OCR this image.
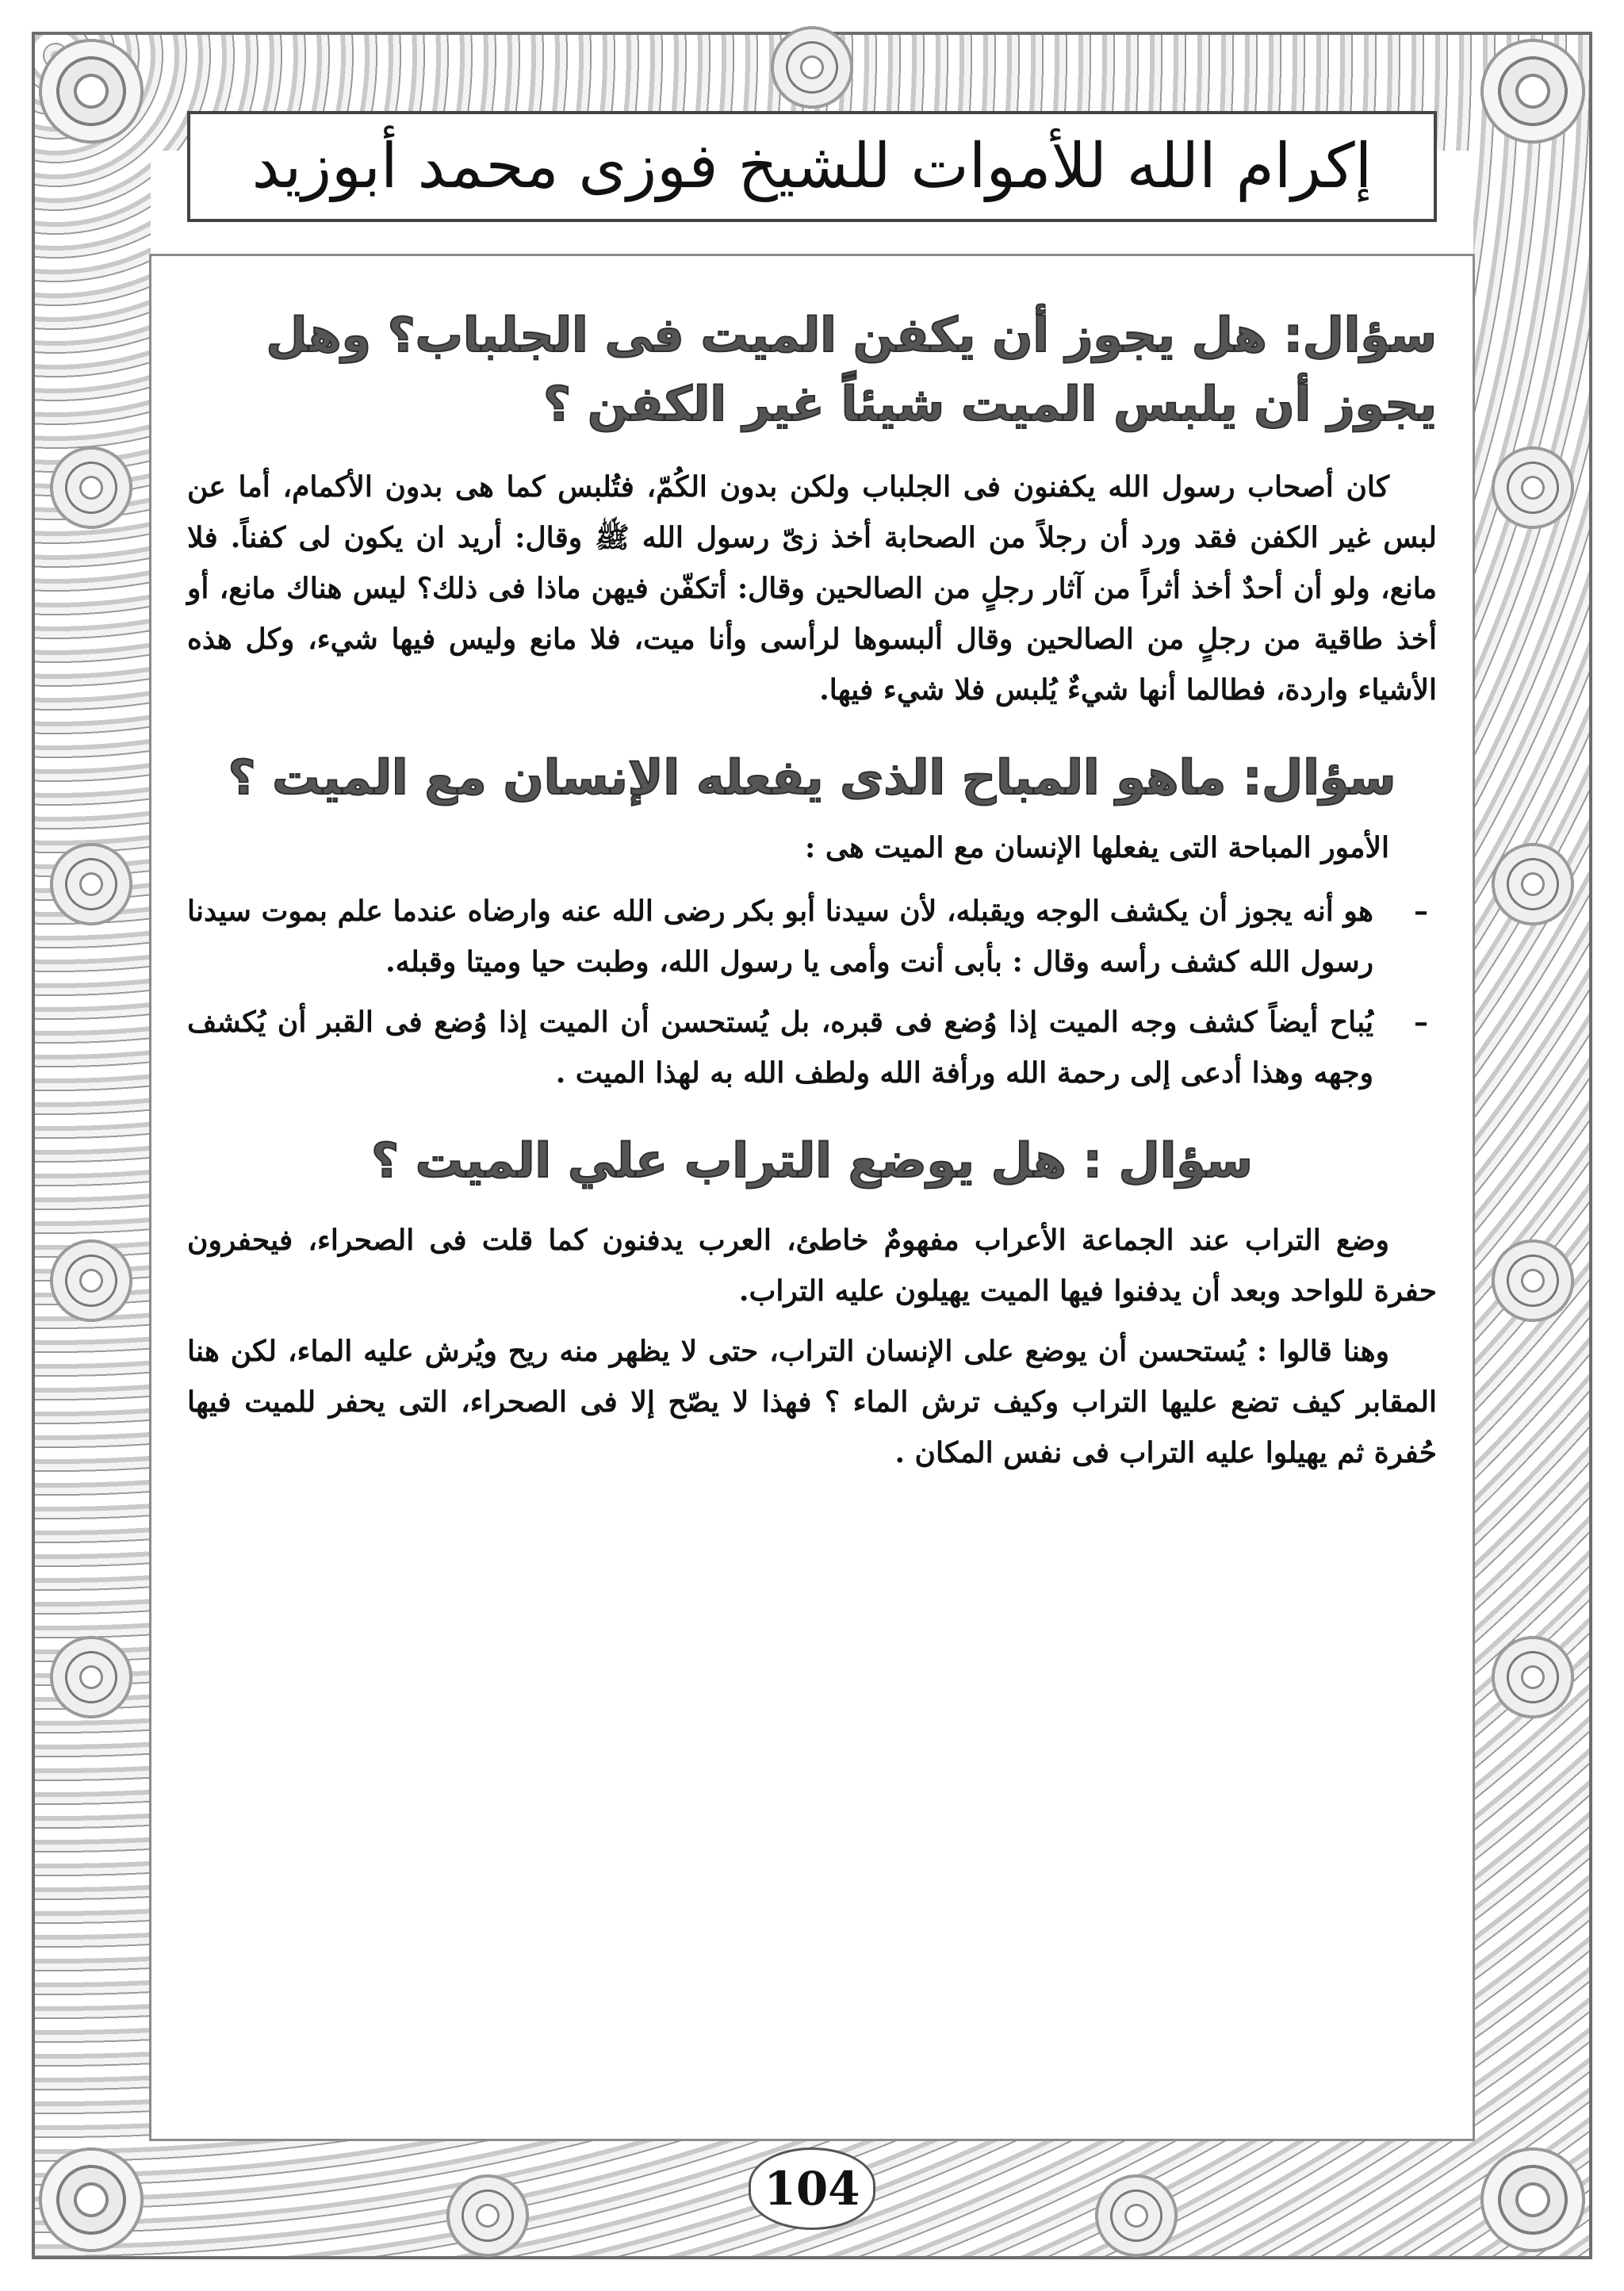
إكرام الله للأموات للشيخ فوزى محمد أبوزيد
سؤال: هل يجوز أن يكفن الميت فى الجلباب؟ وهل يجوز أن يلبس الميت شيئاً غير الكفن ؟

كان أصحاب رسول الله يكفنون فى الجلباب ولكن بدون الكُمّ، فتُلبس كما هى بدون الأكمام، أما عن لبس غير الكفن فقد ورد أن رجلاً من الصحابة أخذ زىّ رسول الله ﷺ وقال: أريد ان يكون لى كفناً. فلا مانع، ولو أن أحدٌ أخذ أثراً من آثار رجلٍ من الصالحين وقال: أتكفّن فيهن ماذا فى ذلك؟ ليس هناك مانع، أو أخذ طاقية من رجلٍ من الصالحين وقال ألبسوها لرأسى وأنا ميت، فلا مانع وليس فيها شيء، وكل هذه الأشياء واردة، فطالما أنها شيءٌ يُلبس فلا شيء فيها.

سؤال: ماهو المباح الذى يفعله الإنسان مع الميت ؟

الأمور المباحة التى يفعلها الإنسان مع الميت هى :

–

هو أنه يجوز أن يكشف الوجه ويقبله، لأن سيدنا أبو بكر رضى الله عنه وارضاه عندما علم بموت سيدنا رسول الله كشف رأسه وقال : بأبى أنت وأمى يا رسول الله، وطبت حيا وميتا وقبله.

–

يُباح أيضاً كشف وجه الميت إذا وُضع فى قبره، بل يُستحسن أن الميت إذا وُضع فى القبر أن يُكشف وجهه وهذا أدعى إلى رحمة الله ورأفة الله ولطف الله به لهذا الميت .

سؤال : هل يوضع التراب علي الميت ؟

وضع التراب عند الجماعة الأعراب مفهومٌ خاطئ، العرب يدفنون كما قلت فى الصحراء، فيحفرون حفرة للواحد وبعد أن يدفنوا فيها الميت يهيلون عليه التراب.

وهنا قالوا : يُستحسن أن يوضع على الإنسان التراب، حتى لا يظهر منه ريح ويُرش عليه الماء، لكن هنا المقابر كيف تضع عليها التراب وكيف ترش الماء ؟ فهذا لا يصّح إلا فى الصحراء، التى يحفر للميت فيها حُفرة ثم يهيلوا عليه التراب فى نفس المكان .

104
